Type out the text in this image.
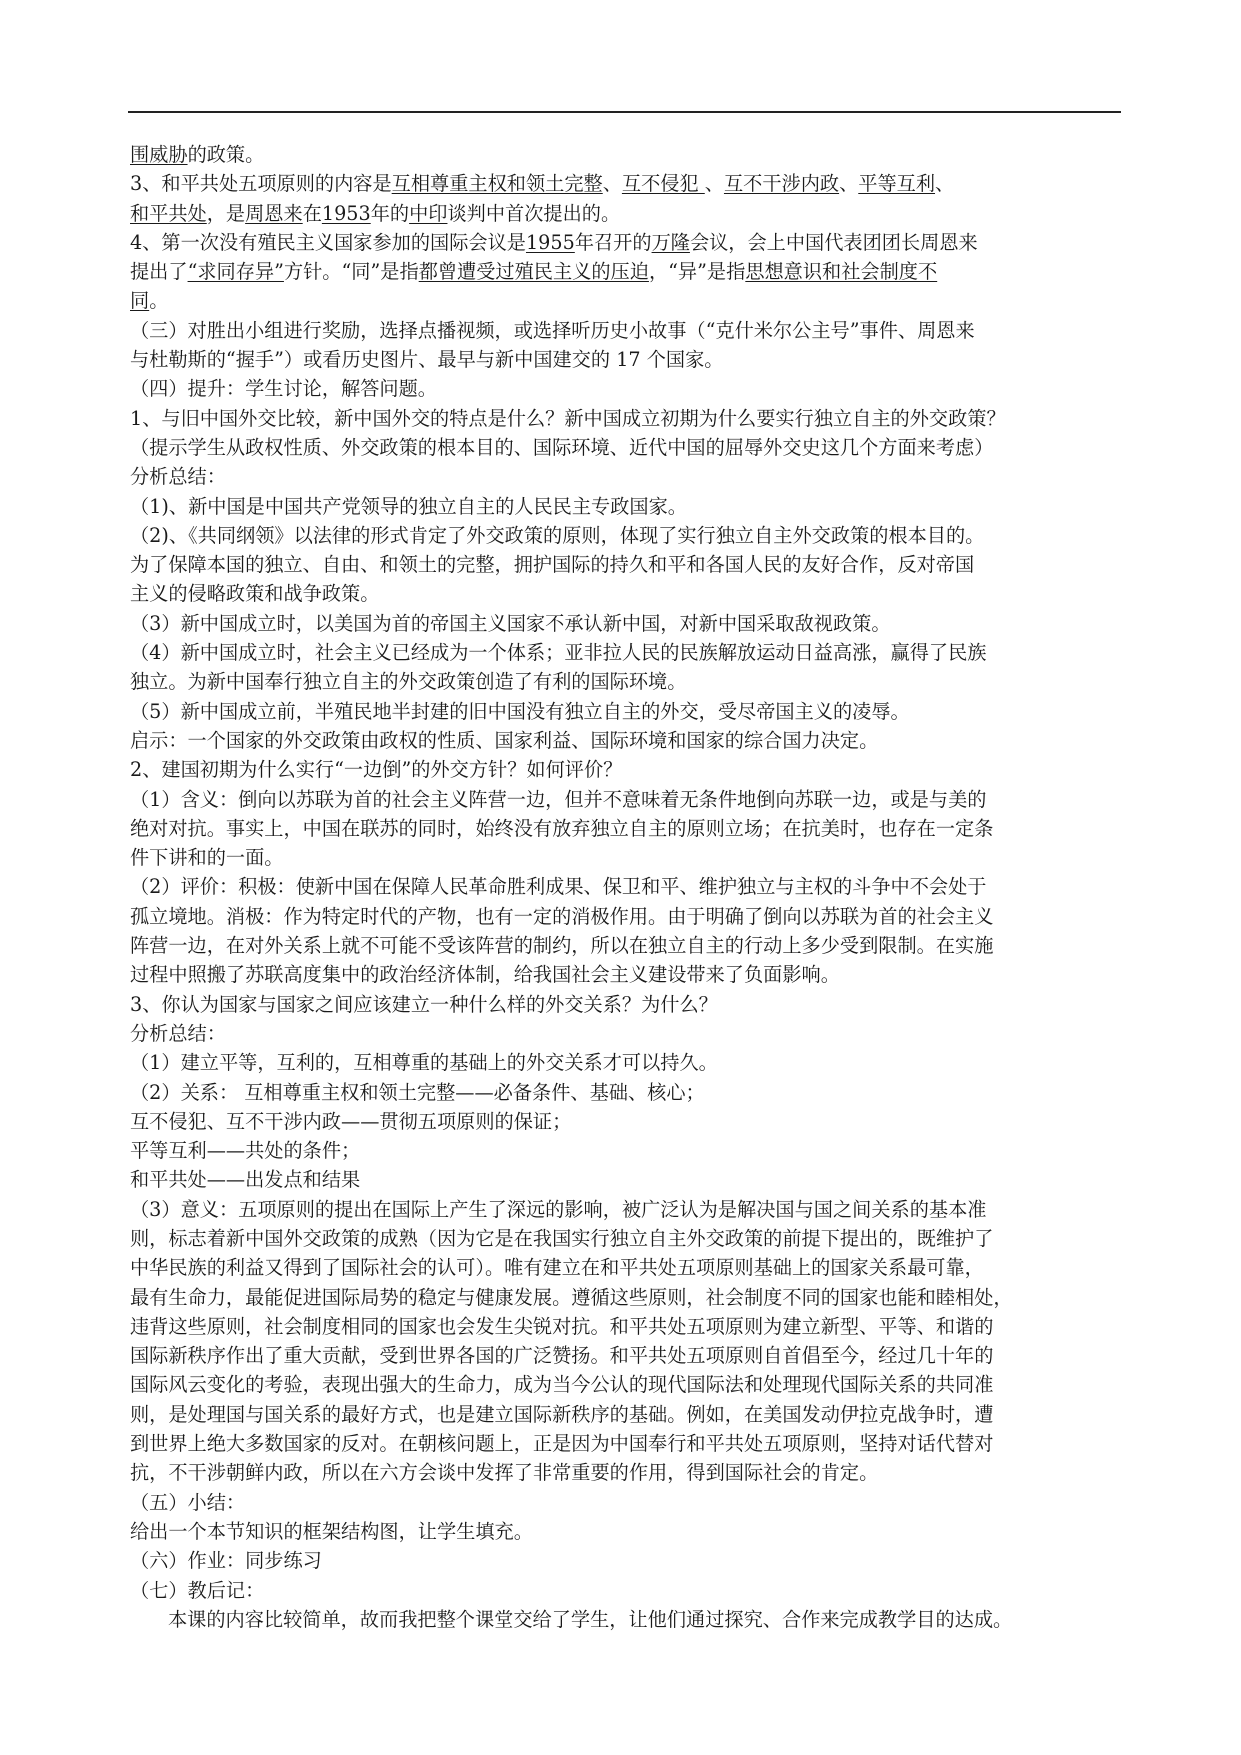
围威胁的政策。
3、和平共处五项原则的内容是互相尊重主权和领土完整、互不侵犯 、互不干涉内政、平等互利、
和平共处，是周恩来在1953年的中印谈判中首次提出的。
4、第一次没有殖民主义国家参加的国际会议是1955年召开的万隆会议，会上中国代表团团长周恩来
提出了“求同存异”方针。“同”是指都曾遭受过殖民主义的压迫，“异”是指思想意识和社会制度不
同。
（三）对胜出小组进行奖励，选择点播视频，或选择听历史小故事（“克什米尔公主号”事件、周恩来
与杜勒斯的“握手”）或看历史图片、最早与新中国建交的 17 个国家。
（四）提升：学生讨论，解答问题。
1、与旧中国外交比较，新中国外交的特点是什么？新中国成立初期为什么要实行独立自主的外交政策？
（提示学生从政权性质、外交政策的根本目的、国际环境、近代中国的屈辱外交史这几个方面来考虑）
分析总结：
（1)、新中国是中国共产党领导的独立自主的人民民主专政国家。
（2)、《共同纲领》以法律的形式肯定了外交政策的原则，体现了实行独立自主外交政策的根本目的。
为了保障本国的独立、自由、和领土的完整，拥护国际的持久和平和各国人民的友好合作，反对帝国
主义的侵略政策和战争政策。
（3）新中国成立时，以美国为首的帝国主义国家不承认新中国，对新中国采取敌视政策。
（4）新中国成立时，社会主义已经成为一个体系；亚非拉人民的民族解放运动日益高涨，赢得了民族
独立。为新中国奉行独立自主的外交政策创造了有利的国际环境。
（5）新中国成立前，半殖民地半封建的旧中国没有独立自主的外交，受尽帝国主义的凌辱。
启示：一个国家的外交政策由政权的性质、国家利益、国际环境和国家的综合国力决定。
2、建国初期为什么实行“一边倒”的外交方针？如何评价？
（1）含义：倒向以苏联为首的社会主义阵营一边，但并不意味着无条件地倒向苏联一边，或是与美的
绝对对抗。事实上，中国在联苏的同时，始终没有放弃独立自主的原则立场；在抗美时，也存在一定条
件下讲和的一面。
（2）评价：积极：使新中国在保障人民革命胜利成果、保卫和平、维护独立与主权的斗争中不会处于
孤立境地。消极：作为特定时代的产物，也有一定的消极作用。由于明确了倒向以苏联为首的社会主义
阵营一边，在对外关系上就不可能不受该阵营的制约，所以在独立自主的行动上多少受到限制。在实施
过程中照搬了苏联高度集中的政治经济体制，给我国社会主义建设带来了负面影响。
3、你认为国家与国家之间应该建立一种什么样的外交关系？为什么？
分析总结：
（1）建立平等，互利的，互相尊重的基础上的外交关系才可以持久。
（2）关系： 互相尊重主权和领土完整——必备条件、基础、核心；
互不侵犯、互不干涉内政——贯彻五项原则的保证；
平等互利——共处的条件；
和平共处——出发点和结果
（3）意义：五项原则的提出在国际上产生了深远的影响，被广泛认为是解决国与国之间关系的基本准
则，标志着新中国外交政策的成熟（因为它是在我国实行独立自主外交政策的前提下提出的，既维护了
中华民族的利益又得到了国际社会的认可）。唯有建立在和平共处五项原则基础上的国家关系最可靠，
最有生命力，最能促进国际局势的稳定与健康发展。遵循这些原则，社会制度不同的国家也能和睦相处，
违背这些原则，社会制度相同的国家也会发生尖锐对抗。和平共处五项原则为建立新型、平等、和谐的
国际新秩序作出了重大贡献，受到世界各国的广泛赞扬。和平共处五项原则自首倡至今，经过几十年的
国际风云变化的考验，表现出强大的生命力，成为当今公认的现代国际法和处理现代国际关系的共同准
则，是处理国与国关系的最好方式，也是建立国际新秩序的基础。例如，在美国发动伊拉克战争时，遭
到世界上绝大多数国家的反对。在朝核问题上，正是因为中国奉行和平共处五项原则，坚持对话代替对
抗，不干涉朝鲜内政，所以在六方会谈中发挥了非常重要的作用，得到国际社会的肯定。
（五）小结：
给出一个本节知识的框架结构图，让学生填充。
（六）作业：同步练习
（七）教后记：
本课的内容比较简单，故而我把整个课堂交给了学生，让他们通过探究、合作来完成教学目的达成。
